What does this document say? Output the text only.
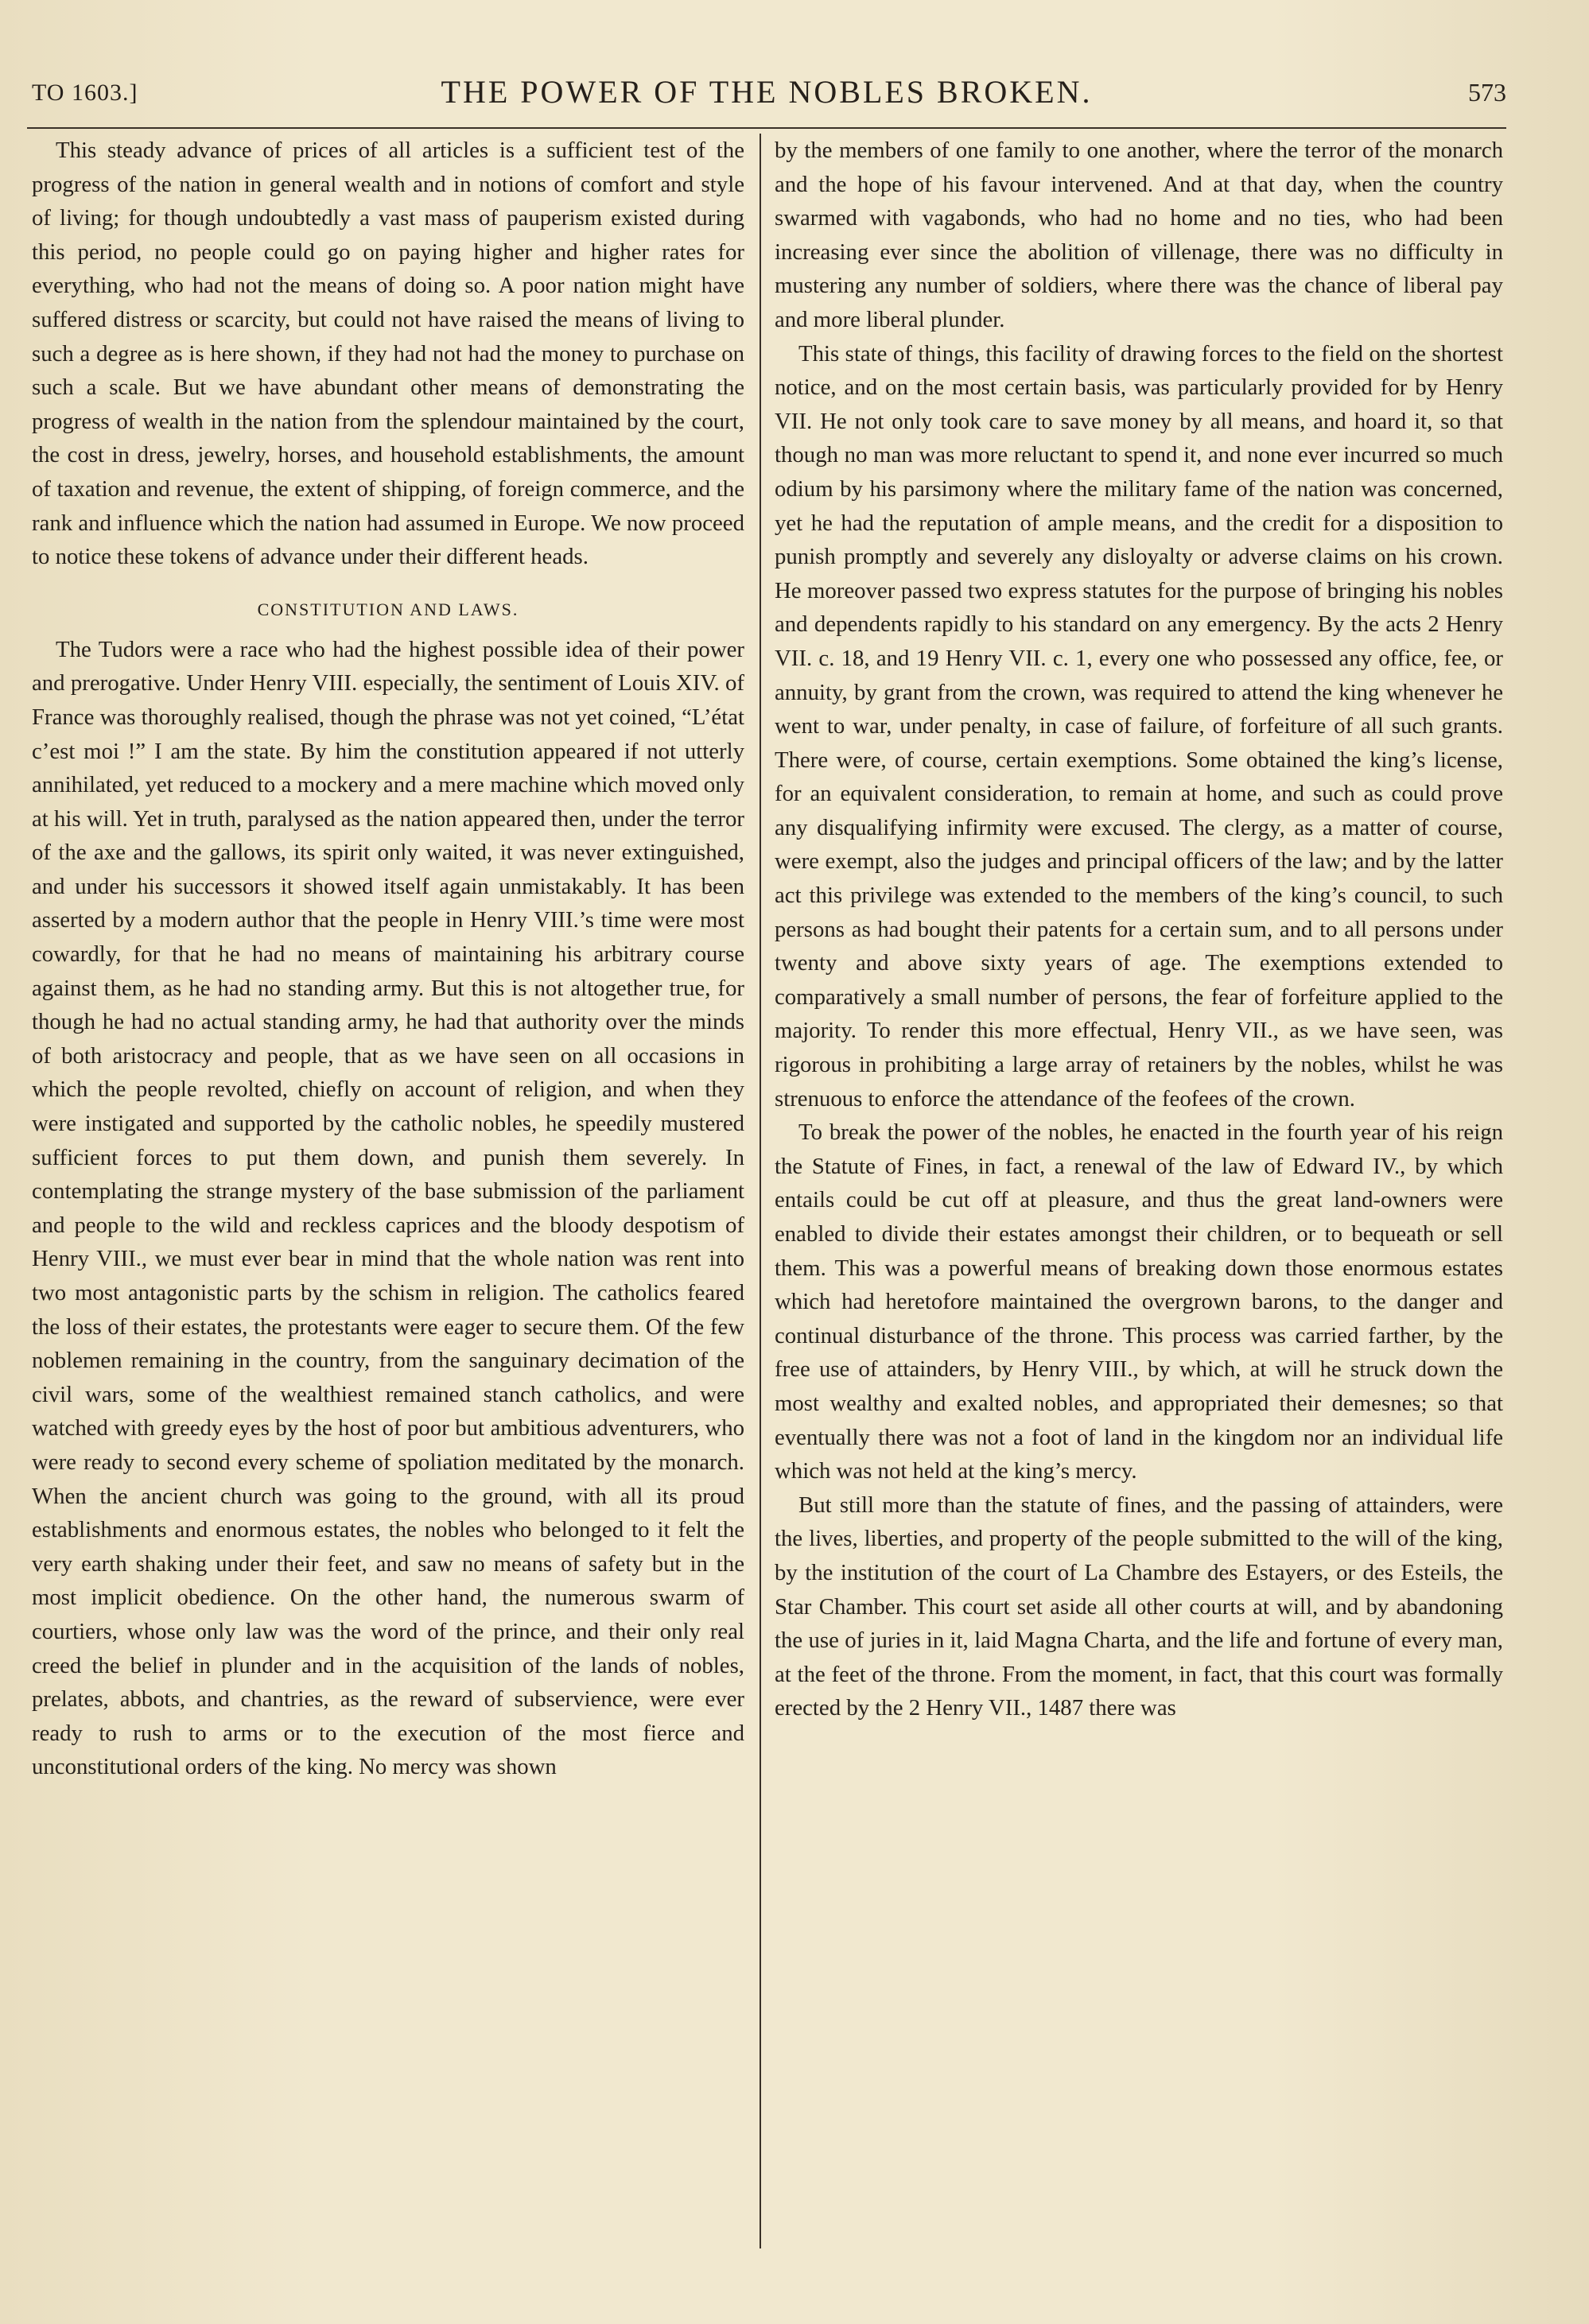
TO 1603.]	THE POWER OF THE NOBLES BROKEN.	573

This steady advance of prices of all articles is a sufficient test of the progress of the nation in general wealth and in notions of comfort and style of living; for though undoubtedly a vast mass of pauperism existed during this period, no people could go on paying higher and higher rates for everything, who had not the means of doing so. A poor nation might have suffered distress or scarcity, but could not have raised the means of living to such a degree as is here shown, if they had not had the money to purchase on such a scale. But we have abundant other means of demonstrating the progress of wealth in the nation from the splendour maintained by the court, the cost in dress, jewelry, horses, and household establishments, the amount of taxation and revenue, the extent of shipping, of foreign commerce, and the rank and influence which the nation had assumed in Europe. We now proceed to notice these tokens of advance under their different heads.

CONSTITUTION AND LAWS.

The Tudors were a race who had the highest possible idea of their power and prerogative. Under Henry VIII. especially, the sentiment of Louis XIV. of France was thoroughly realised, though the phrase was not yet coined, “L’état c’est moi !” I am the state. By him the constitution appeared if not utterly annihilated, yet reduced to a mockery and a mere machine which moved only at his will. Yet in truth, paralysed as the nation appeared then, under the terror of the axe and the gallows, its spirit only waited, it was never extinguished, and under his successors it showed itself again unmistakably. It has been asserted by a modern author that the people in Henry VIII.’s time were most cowardly, for that he had no means of maintaining his arbitrary course against them, as he had no standing army. But this is not altogether true, for though he had no actual standing army, he had that authority over the minds of both aristocracy and people, that as we have seen on all occasions in which the people revolted, chiefly on account of religion, and when they were instigated and supported by the catholic nobles, he speedily mustered sufficient forces to put them down, and punish them severely. In contemplating the strange mystery of the base submission of the parliament and people to the wild and reckless caprices and the bloody despotism of Henry VIII., we must ever bear in mind that the whole nation was rent into two most antagonistic parts by the schism in religion. The catholics feared the loss of their estates, the protestants were eager to secure them. Of the few noblemen remaining in the country, from the sanguinary decimation of the civil wars, some of the wealthiest remained stanch catholics, and were watched with greedy eyes by the host of poor but ambitious adventurers, who were ready to second every scheme of spoliation meditated by the monarch. When the ancient church was going to the ground, with all its proud establishments and enormous estates, the nobles who belonged to it felt the very earth shaking under their feet, and saw no means of safety but in the most implicit obedience. On the other hand, the numerous swarm of courtiers, whose only law was the word of the prince, and their only real creed the belief in plunder and in the acquisition of the lands of nobles, prelates, abbots, and chantries, as the reward of subservience, were ever ready to rush to arms or to the execution of the most fierce and unconstitutional orders of the king. No mercy was shown

by the members of one family to one another, where the terror of the monarch and the hope of his favour intervened. And at that day, when the country swarmed with vagabonds, who had no home and no ties, who had been increasing ever since the abolition of villenage, there was no difficulty in mustering any number of soldiers, where there was the chance of liberal pay and more liberal plunder.

This state of things, this facility of drawing forces to the field on the shortest notice, and on the most certain basis, was particularly provided for by Henry VII. He not only took care to save money by all means, and hoard it, so that though no man was more reluctant to spend it, and none ever incurred so much odium by his parsimony where the military fame of the nation was concerned, yet he had the reputation of ample means, and the credit for a disposition to punish promptly and severely any disloyalty or adverse claims on his crown. He moreover passed two express statutes for the purpose of bringing his nobles and dependents rapidly to his standard on any emergency. By the acts 2 Henry VII. c. 18, and 19 Henry VII. c. 1, every one who possessed any office, fee, or annuity, by grant from the crown, was required to attend the king whenever he went to war, under penalty, in case of failure, of forfeiture of all such grants. There were, of course, certain exemptions. Some obtained the king’s license, for an equivalent consideration, to remain at home, and such as could prove any disqualifying infirmity were excused. The clergy, as a matter of course, were exempt, also the judges and principal officers of the law; and by the latter act this privilege was extended to the members of the king’s council, to such persons as had bought their patents for a certain sum, and to all persons under twenty and above sixty years of age. The exemptions extended to comparatively a small number of persons, the fear of forfeiture applied to the majority. To render this more effectual, Henry VII., as we have seen, was rigorous in prohibiting a large array of retainers by the nobles, whilst he was strenuous to enforce the attendance of the feofees of the crown.

To break the power of the nobles, he enacted in the fourth year of his reign the Statute of Fines, in fact, a renewal of the law of Edward IV., by which entails could be cut off at pleasure, and thus the great land-owners were enabled to divide their estates amongst their children, or to bequeath or sell them. This was a powerful means of breaking down those enormous estates which had heretofore maintained the overgrown barons, to the danger and continual disturbance of the throne. This process was carried farther, by the free use of attainders, by Henry VIII., by which, at will he struck down the most wealthy and exalted nobles, and appropriated their demesnes; so that eventually there was not a foot of land in the kingdom nor an individual life which was not held at the king’s mercy.

But still more than the statute of fines, and the passing of attainders, were the lives, liberties, and property of the people submitted to the will of the king, by the institution of the court of La Chambre des Estayers, or des Esteils, the Star Chamber. This court set aside all other courts at will, and by abandoning the use of juries in it, laid Magna Charta, and the life and fortune of every man, at the feet of the throne. From the moment, in fact, that this court was formally erected by the 2 Henry VII., 1487 there was
